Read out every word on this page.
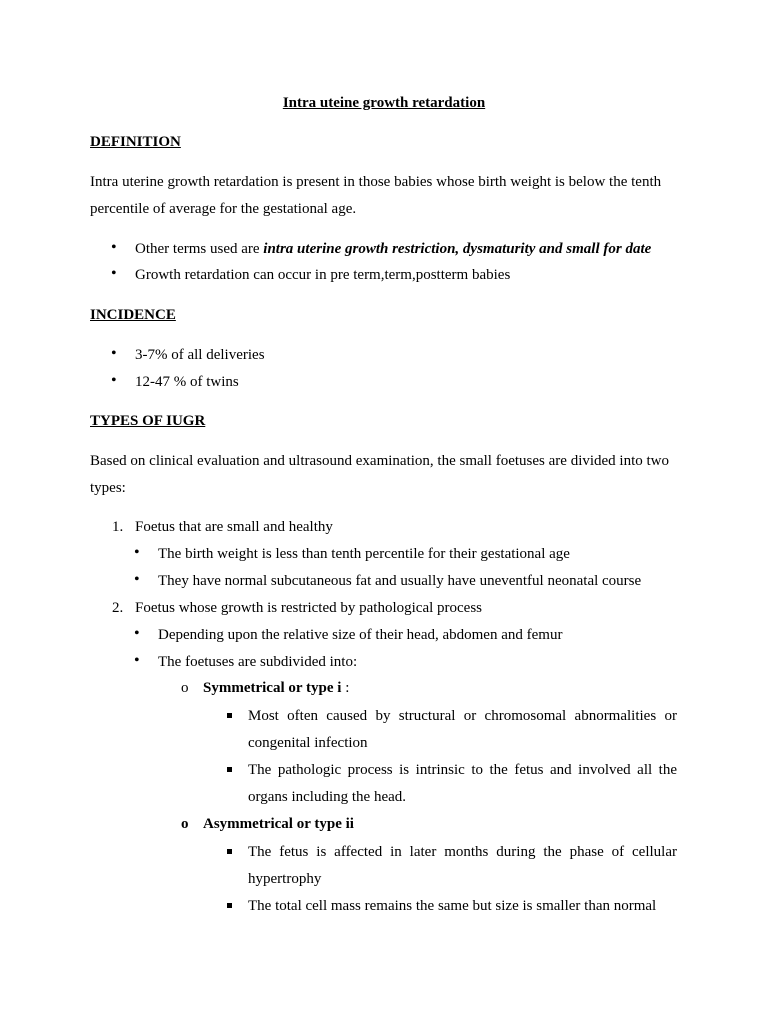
Intra uteine growth retardation
DEFINITION
Intra uterine growth retardation is present in those babies whose birth weight is below the tenth
percentile of average for the gestational age.
• Other terms used are intra uterine growth restriction, dysmaturity and small for date
• Growth retardation can occur in pre term,term,postterm babies
INCIDENCE
• 3-7% of all deliveries
• 12-47 % of twins
TYPES OF IUGR
Based on clinical evaluation and ultrasound examination, the small foetuses are divided into two
types:
1. Foetus that are small and healthy
• The birth weight is less than tenth percentile for their gestational age
• They have normal subcutaneous fat and usually have uneventful neonatal course
2. Foetus whose growth is restricted by pathological process
• Depending upon the relative size of their head, abdomen and femur
• The foetuses are subdivided into:
o Symmetrical or type i :
Most often caused by structural or chromosomal abnormalities or congenital infection
The pathologic process is intrinsic to the fetus and involved all the organs including the head.
o Asymmetrical or type ii
The fetus is affected in later months during the phase of cellular hypertrophy
The total cell mass remains the same but size is smaller than normal
